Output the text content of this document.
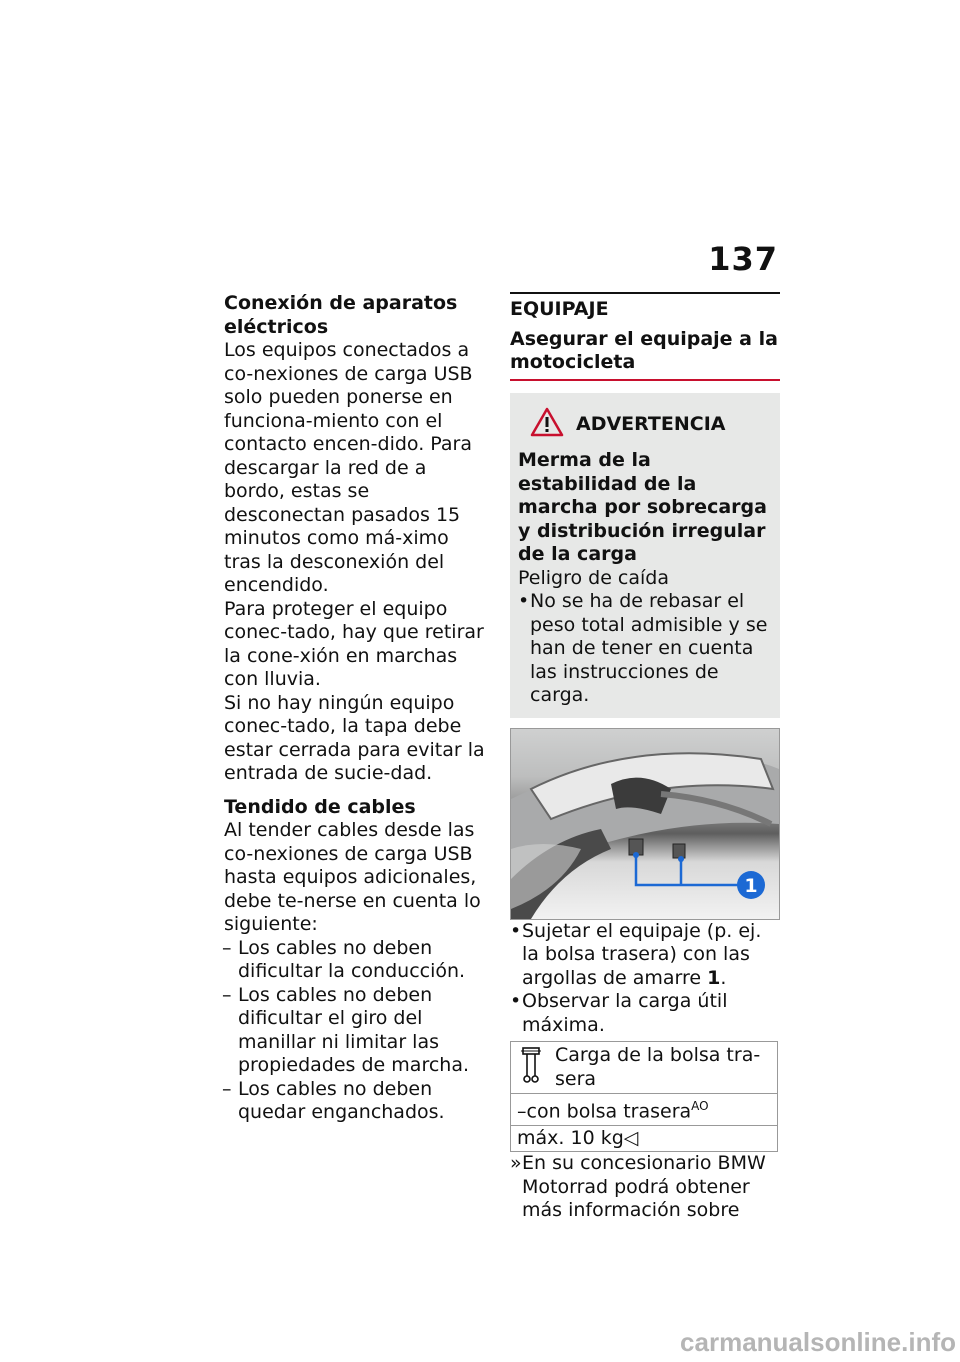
137
Conexión de aparatos eléctricos
Los equipos conectados a co-nexiones de carga USB solo pueden ponerse en funciona-miento con el contacto encen-dido. Para descargar la red de a bordo, estas se desconectan pasados 15 minutos como má-ximo tras la desconexión del encendido.
Para proteger el equipo conec-tado, hay que retirar la cone-xión en marchas con lluvia.
Si no hay ningún equipo conec-tado, la tapa debe estar cerrada para evitar la entrada de sucie-dad.
Tendido de cables
Al tender cables desde las co-nexiones de carga USB hasta equipos adicionales, debe te-nerse en cuenta lo siguiente:
– Los cables no deben dificultar la conducción.
– Los cables no deben dificultar el giro del manillar ni limitar las propiedades de marcha.
– Los cables no deben quedar enganchados.
EQUIPAJE
Asegurar el equipaje a la motocicleta
ADVERTENCIA
Merma de la estabilidad de la marcha por sobrecarga y distribución irregular de la carga
Peligro de caída
• No se ha de rebasar el peso total admisible y se han de tener en cuenta las instrucciones de carga.
1
• Sujetar el equipaje (p. ej. la bolsa trasera) con las argollas de amarre 1.
• Observar la carga útil máxima.
Carga de la bolsa tra-sera
–con bolsa trasera$^{AO}$
máx. 10 kg◁
» En su concesionario BMW Motorrad podrá obtener más información sobre
carmanualsonline.info
